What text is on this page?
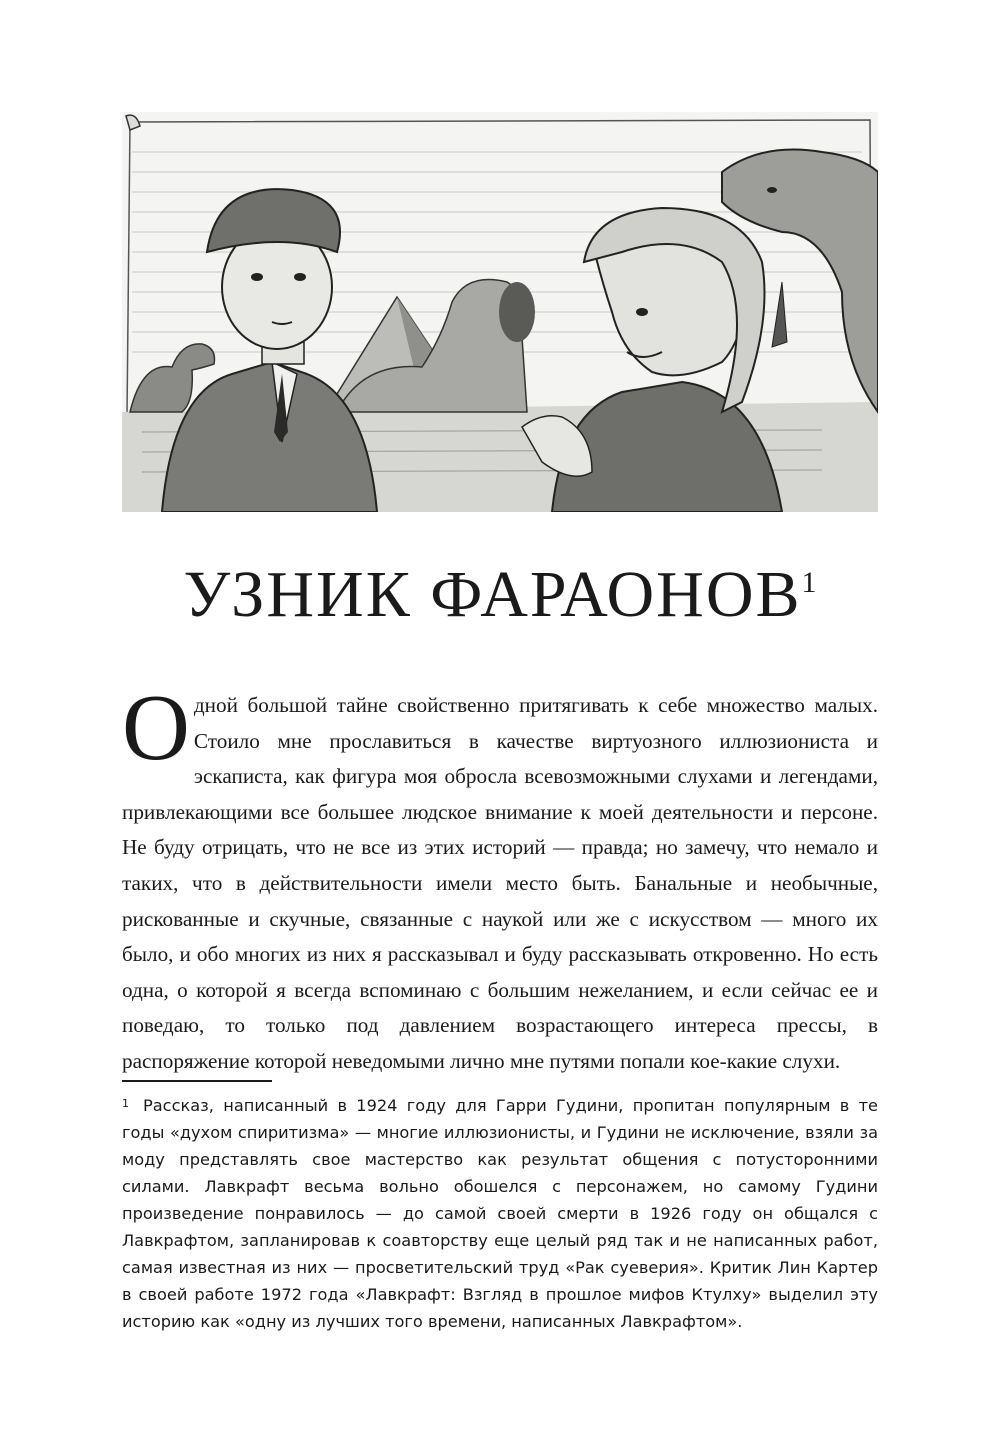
УЗНИК ФАРАОНОВ$^1$

Одной большой тайне свойственно притягивать к себе множество малых. Стоило мне прославиться в качестве виртуозного иллюзиониста и эскаписта, как фигура моя обросла всевозможными слухами и легендами, привлекающими все большее людское внимание к моей деятельности и персоне. Не буду отрицать, что не все из этих историй — правда; но замечу, что немало и таких, что в действительности имели место быть. Банальные и необычные, рискованные и скучные, связанные с наукой или же с искусством — много их было, и обо многих из них я рассказывал и буду рассказывать откровенно. Но есть одна, о которой я всегда вспоминаю с большим нежеланием, и если сейчас ее и поведаю, то только под давлением возрастающего интереса прессы, в распоряжение которой неведомыми лично мне путями попали кое-какие слухи.

$^1$ Рассказ, написанный в 1924 году для Гарри Гудини, пропитан популярным в те годы «духом спиритизма» — многие иллюзионисты, и Гудини не исключение, взяли за моду представлять свое мастерство как результат общения с потусторонними силами. Лавкрафт весьма вольно обошелся с персонажем, но самому Гудини произведение понравилось — до самой своей смерти в 1926 году он общался с Лавкрафтом, запланировав к соавторству еще целый ряд так и не написанных работ, самая известная из них — просветительский труд «Рак суеверия». Критик Лин Картер в своей работе 1972 года «Лавкрафт: Взгляд в прошлое мифов Ктулху» выделил эту историю как «одну из лучших того времени, написанных Лавкрафтом».
